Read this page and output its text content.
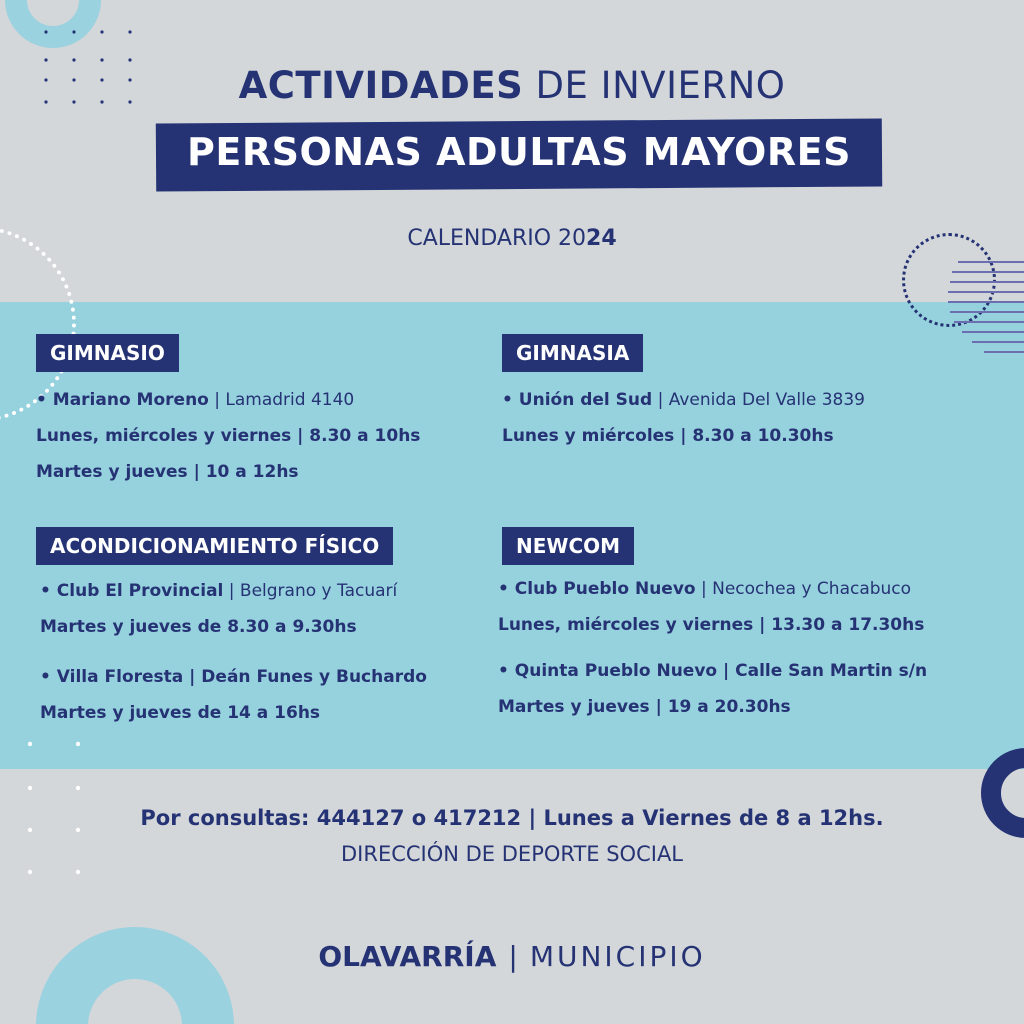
ACTIVIDADES DE INVIERNO
PERSONAS ADULTAS MAYORES
CALENDARIO 2024
GIMNASIO
• Mariano Moreno | Lamadrid 4140
Lunes, miércoles y viernes | 8.30 a 10hs
Martes y jueves | 10 a 12hs
GIMNASIA
• Unión del Sud | Avenida Del Valle 3839
Lunes y miércoles | 8.30 a 10.30hs
ACONDICIONAMIENTO FÍSICO
• Club El Provincial | Belgrano y Tacuarí
Martes y jueves de 8.30 a 9.30hs
• Villa Floresta | Deán Funes y Buchardo
Martes y jueves de 14 a 16hs
NEWCOM
• Club Pueblo Nuevo | Necochea y Chacabuco
Lunes, miércoles y viernes | 13.30 a 17.30hs
• Quinta Pueblo Nuevo | Calle San Martin s/n
Martes y jueves | 19 a 20.30hs
Por consultas: 444127 o 417212 | Lunes a Viernes de 8 a 12hs.
DIRECCIÓN DE DEPORTE SOCIAL
OLAVARRÍA | MUNICIPIO
